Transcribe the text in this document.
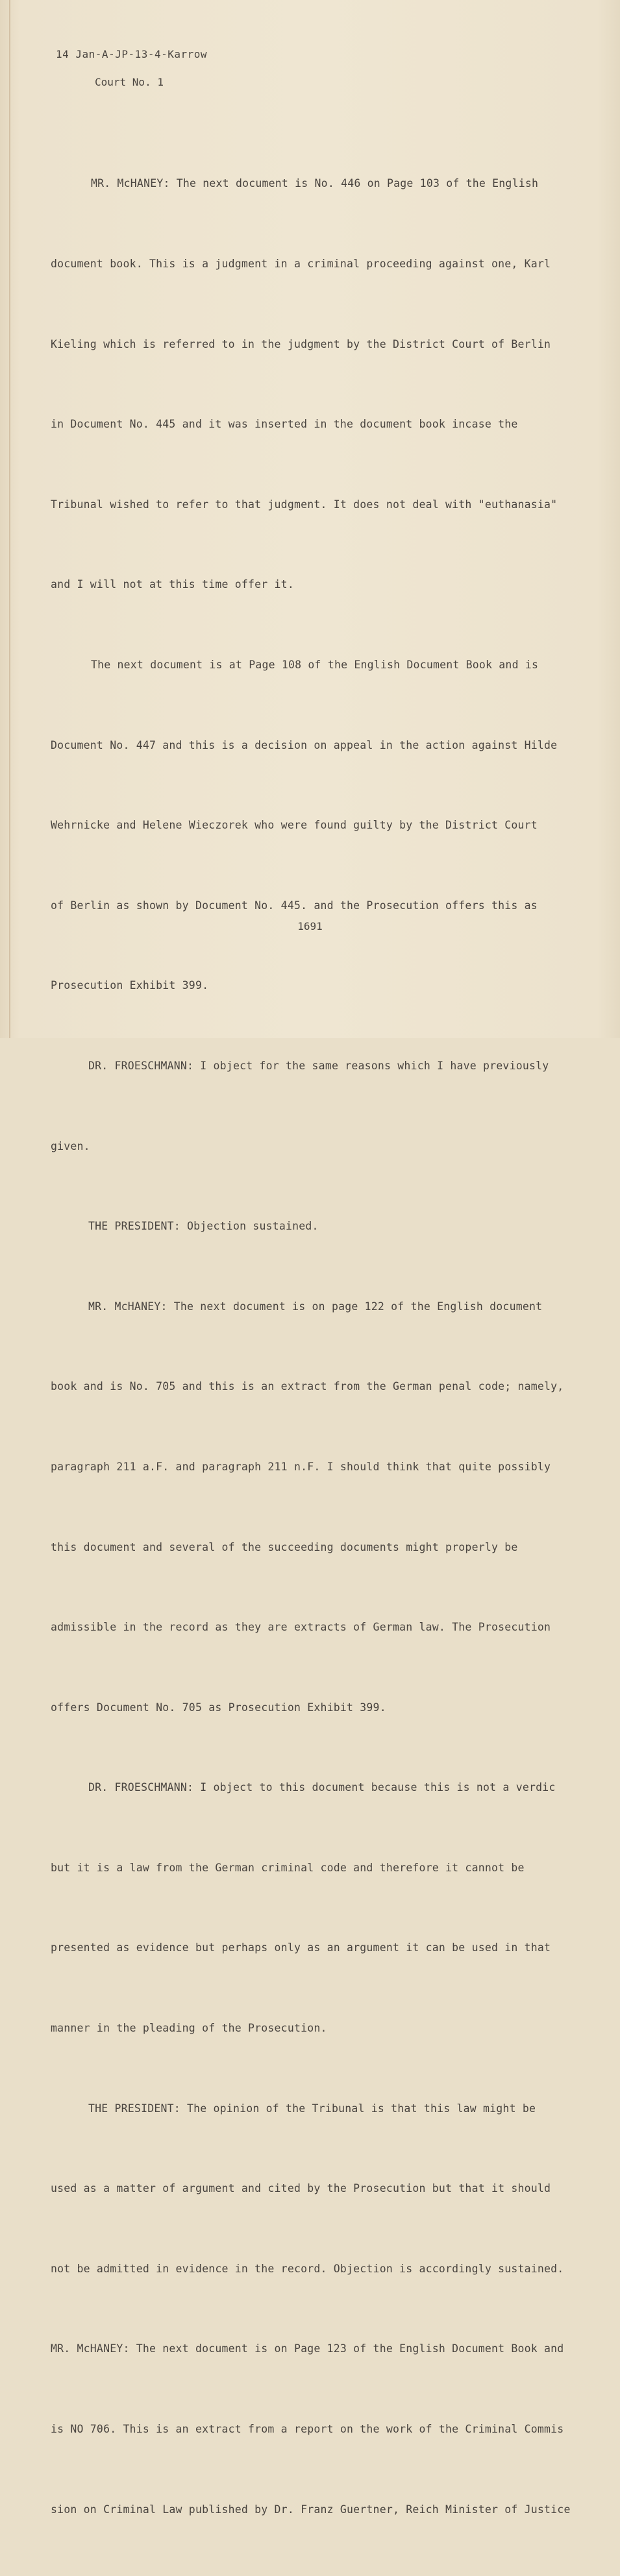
14 Jan-A-JP-13-4-Karrow
Court No. 1

MR. McHANEY: The next document is No. 446 on Page 103 of the English

document book. This is a judgment in a criminal proceeding against one, Karl

Kieling which is referred to in the judgment by the District Court of Berlin

in Document No. 445 and it was inserted in the document book incase the

Tribunal wished to refer to that judgment. It does not deal with "euthanasia"

and I will not at this time offer it.

The next document is at Page 108 of the English Document Book and is

Document No. 447 and this is a decision on appeal in the action against Hilde

Wehrnicke and Helene Wieczorek who were found guilty by the District Court

of Berlin as shown by Document No. 445. and the Prosecution offers this as

Prosecution Exhibit 399.

DR. FROESCHMANN: I object for the same reasons which I have previously

given.

THE PRESIDENT: Objection sustained.

MR. McHANEY: The next document is on page 122 of the English document

book and is No. 705 and this is an extract from the German penal code; namely,

paragraph 211 a.F. and paragraph 211 n.F. I should think that quite possibly

this document and several of the succeeding documents might properly be

admissible in the record as they are extracts of German law. The Prosecution

offers Document No. 705 as Prosecution Exhibit 399.

DR. FROESCHMANN: I object to this document because this is not a verdic

but it is a law from the German criminal code and therefore it cannot be

presented as evidence but perhaps only as an argument it can be used in that

manner in the pleading of the Prosecution.

THE PRESIDENT: The opinion of the Tribunal is that this law might be

used as a matter of argument and cited by the Prosecution but that it should

not be admitted in evidence in the record. Objection is accordingly sustained.

MR. McHANEY: The next document is on Page 123 of the English Document Book and

is NO 706. This is an extract from a report on the work of the Criminal Commis

sion on Criminal Law published by Dr. Franz Guertner, Reich Minister of Justice

1691
